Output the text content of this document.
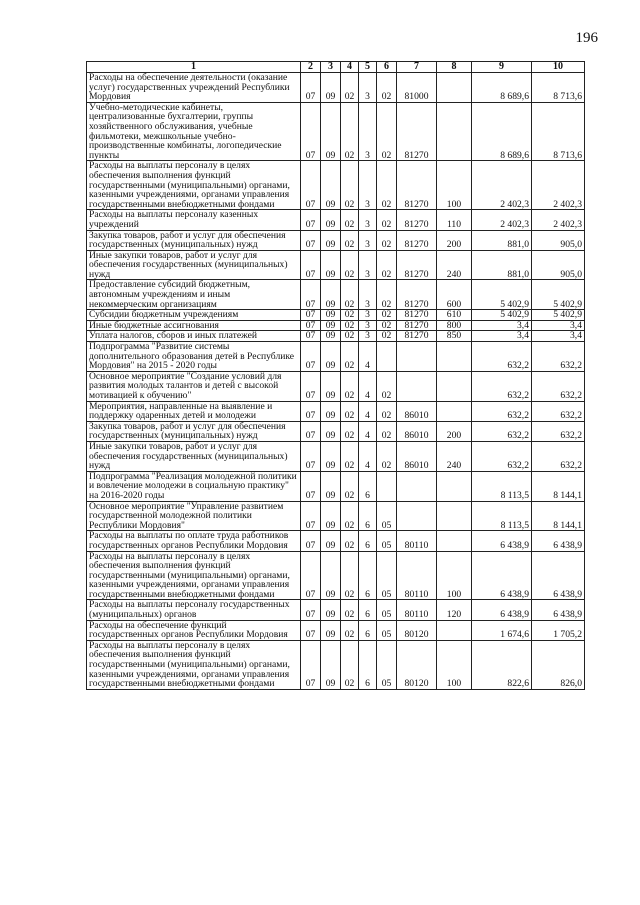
196
1	2	3	4	5	6	7	8	9	10
Расходы на обеспечение деятельности (оказание услуг) государственных учреждений Республики Мордовия	07	09	02	3	02	81000		8 689,6	8 713,6
Учебно-методические кабинеты, централизованные бухгалтерии, группы хозяйственного обслуживания, учебные фильмотеки, межшкольные учебно-производственные комбинаты, логопедические пункты	07	09	02	3	02	81270		8 689,6	8 713,6
Расходы на выплаты персоналу в целях обеспечения выполнения функций государственными (муниципальными) органами, казенными учреждениями, органами управления государственными внебюджетными фондами	07	09	02	3	02	81270	100	2 402,3	2 402,3
Расходы на выплаты персоналу казенных учреждений	07	09	02	3	02	81270	110	2 402,3	2 402,3
Закупка товаров, работ и услуг для обеспечения государственных (муниципальных) нужд	07	09	02	3	02	81270	200	881,0	905,0
Иные закупки товаров, работ и услуг для обеспечения государственных (муниципальных) нужд	07	09	02	3	02	81270	240	881,0	905,0
Предоставление субсидий бюджетным, автономным учреждениям и иным некоммерческим организациям	07	09	02	3	02	81270	600	5 402,9	5 402,9
Субсидии бюджетным учреждениям	07	09	02	3	02	81270	610	5 402,9	5 402,9
Иные бюджетные ассигнования	07	09	02	3	02	81270	800	3,4	3,4
Уплата налогов, сборов и иных платежей	07	09	02	3	02	81270	850	3,4	3,4
Подпрограмма "Развитие системы дополнительного образования детей в Республике Мордовия" на 2015 - 2020 годы	07	09	02	4				632,2	632,2
Основное мероприятие "Создание условий для развития молодых талантов и детей с высокой мотивацией к обучению"	07	09	02	4	02			632,2	632,2
Мероприятия, направленные на выявление и поддержку одаренных детей и молодежи	07	09	02	4	02	86010		632,2	632,2
Закупка товаров, работ и услуг для обеспечения государственных (муниципальных) нужд	07	09	02	4	02	86010	200	632,2	632,2
Иные закупки товаров, работ и услуг для обеспечения государственных (муниципальных) нужд	07	09	02	4	02	86010	240	632,2	632,2
Подпрограмма "Реализация молодежной политики и вовлечение молодежи в социальную практику" на 2016-2020 годы	07	09	02	6				8 113,5	8 144,1
Основное мероприятие "Управление развитием государственной молодежной политики Республики Мордовия"	07	09	02	6	05			8 113,5	8 144,1
Расходы на выплаты по оплате труда работников государственных органов Республики Мордовия	07	09	02	6	05	80110		6 438,9	6 438,9
Расходы на выплаты персоналу в целях обеспечения выполнения функций государственными (муниципальными) органами, казенными учреждениями, органами управления государственными внебюджетными фондами	07	09	02	6	05	80110	100	6 438,9	6 438,9
Расходы на выплаты персоналу государственных (муниципальных) органов	07	09	02	6	05	80110	120	6 438,9	6 438,9
Расходы на обеспечение функций государственных органов Республики Мордовия	07	09	02	6	05	80120		1 674,6	1 705,2
Расходы на выплаты персоналу в целях обеспечения выполнения функций государственными (муниципальными) органами, казенными учреждениями, органами управления государственными внебюджетными фондами	07	09	02	6	05	80120	100	822,6	826,0
